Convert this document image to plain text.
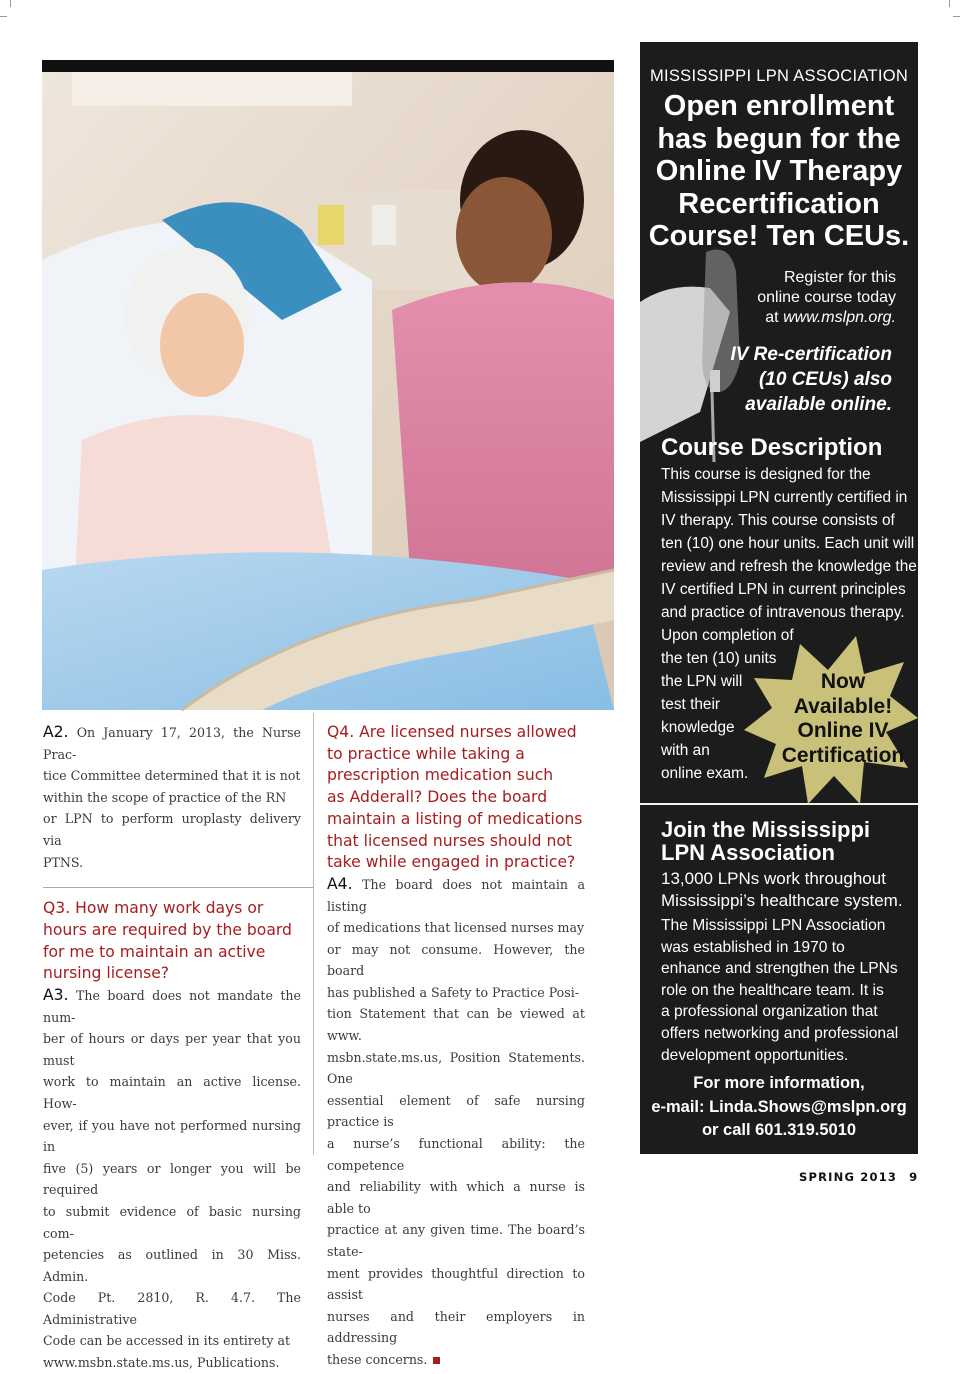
A2. On January 17, 2013, the Nurse Prac-
tice Committee determined that it is not
within the scope of practice of the RN
or LPN to perform uroplasty delivery via
PTNS.
Q3. How many work days or
hours are required by the board
for me to maintain an active
nursing license?
A3. The board does not mandate the num-
ber of hours or days per year that you must
work to maintain an active license. How-
ever, if you have not performed nursing in
five (5) years or longer you will be required
to submit evidence of basic nursing com-
petencies as outlined in 30 Miss. Admin.
Code Pt. 2810, R. 4.7. The Administrative
Code can be accessed in its entirety at
www.msbn.state.ms.us, Publications.
Q4. Are licensed nurses allowed
to practice while taking a
prescription medication such
as Adderall? Does the board
maintain a listing of medications
that licensed nurses should not
take while engaged in practice?
A4. The board does not maintain a listing
of medications that licensed nurses may
or may not consume. However, the board
has published a Safety to Practice Posi-
tion Statement that can be viewed at www.
msbn.state.ms.us, Position Statements. One
essential element of safe nursing practice is
a nurse’s functional ability: the competence
and reliability with which a nurse is able to
practice at any given time. The board’s state-
ment provides thoughtful direction to assist
nurses and their employers in addressing
these concerns.
MISSISSIPPI LPN ASSOCIATION
Open enrollment
has begun for the
Online IV Therapy
Recertification
Course! Ten CEUs.
Register for this
online course today
at www.mslpn.org.
IV Re-certification
(10 CEUs) also
available online.
Course Description
This course is designed for the
Mississippi LPN currently certified in
IV therapy. This course consists of
ten (10) one hour units. Each unit will
review and refresh the knowledge the
IV certified LPN in current principles
and practice of intravenous therapy.
Upon completion of
the ten (10) units
the LPN will
test their
knowledge
with an
online exam.
Now
Available!
Online IV
Certification
Join the Mississippi
LPN Association
13,000 LPNs work throughout
Mississippi’s healthcare system.
The Mississippi LPN Association
was established in 1970 to
enhance and strengthen the LPNs
role on the healthcare team. It is
a professional organization that
offers networking and professional
development opportunities.
For more information,
e-mail: Linda.Shows@mslpn.org
or call 601.319.5010
SPRING 2013 9
